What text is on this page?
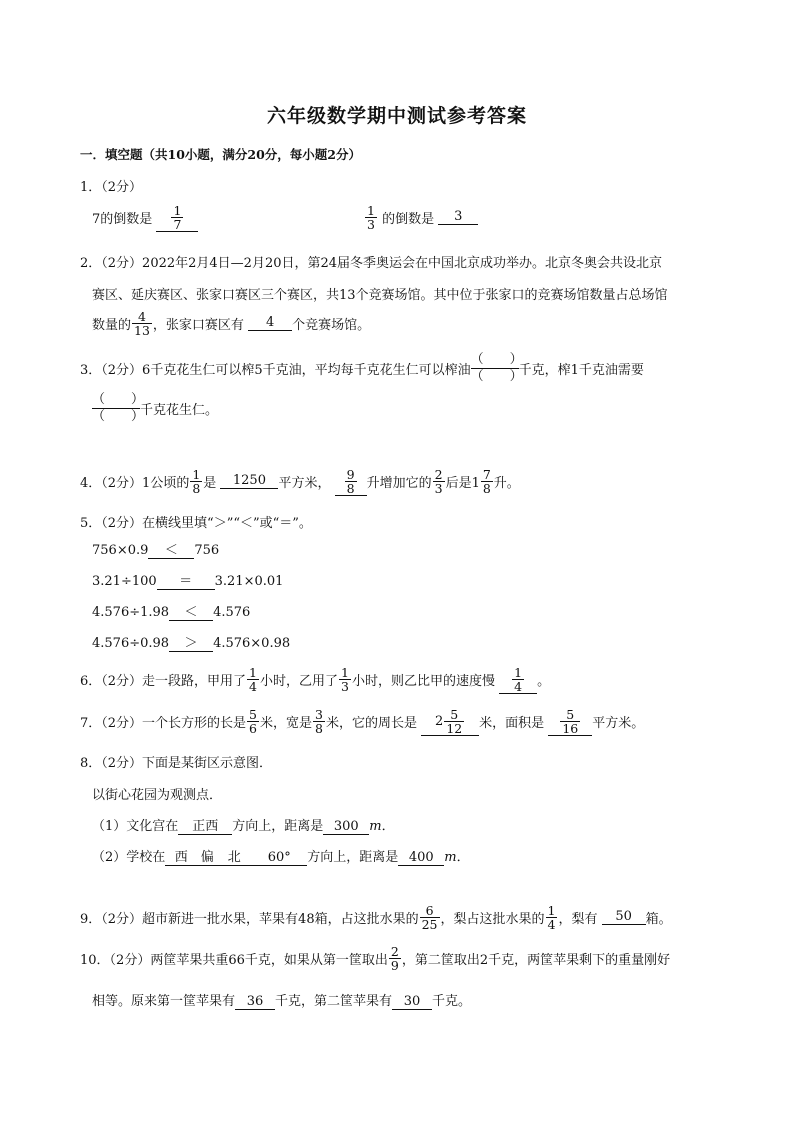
六年级数学期中测试参考答案
一．填空题（共10小题，满分20分，每小题2分）
1．（2分）
7的倒数是 $\frac{1}{7}$	$\frac{1}{3}$ 的倒数是 3
2．（2分）2022年2月4日—2月20日，第24届冬季奥运会在中国北京成功举办。北京冬奥会共设北京
赛区、延庆赛区、张家口赛区三个赛区，共13个竞赛场馆。其中位于张家口的竞赛场馆数量占总场馆
数量的 $\frac{4}{13}$ ，张家口赛区有 4 个竞赛场馆。
3．（2分）6千克花生仁可以榨5千克油，平均每千克花生仁可以榨油
（　　）
（　　）
千克，榨1千克油需要
（　　）
（　　）
千克花生仁。
4．（2分）1公顷的 $\frac{1}{8}$ 是 1250 平方米， $\frac{9}{8}$ 升增加它的 $\frac{2}{3}$ 后是$1 \frac{7}{8}$ 升。
5．（2分）在横线里填“＞”“＜”或“＝”。
756×0.9 ＜ 756
3.21÷100 ＝ 3.21×0.01
4.576÷1.98 ＜ 4.576
4.576÷0.98 ＞ 4.576×0.98
6．（2分）走一段路，甲用了 $\frac{1}{4}$ 小时，乙用了 $\frac{1}{3}$ 小时，则乙比甲的速度慢 $\frac{1}{4}$ 。
7．（2分）一个长方形的长是 $\frac{5}{6}$ 米，宽是 $\frac{3}{8}$ 米，它的周长是 $2 \frac{5}{12}$ 米，面积是 $\frac{5}{16}$ 平方米。
8．（2分）下面是某街区示意图．
以街心花园为观测点．
（1）文化宫在 正西 方向上，距离是 300 m．
（2）学校在 西 偏 北 60° 方向上，距离是 400 m．
9．（2分）超市新进一批水果，苹果有48箱，占这批水果的 $\frac{6}{25}$ ，梨占这批水果的 $\frac{1}{4}$ ，梨有 50 箱。
10．（2分）两筐苹果共重66千克，如果从第一筐取出 $\frac{2}{9}$ ，第二筐取出2千克，两筐苹果剩下的重量刚好
相等。原来第一筐苹果有 36 千克，第二筐苹果有 30 千克。
